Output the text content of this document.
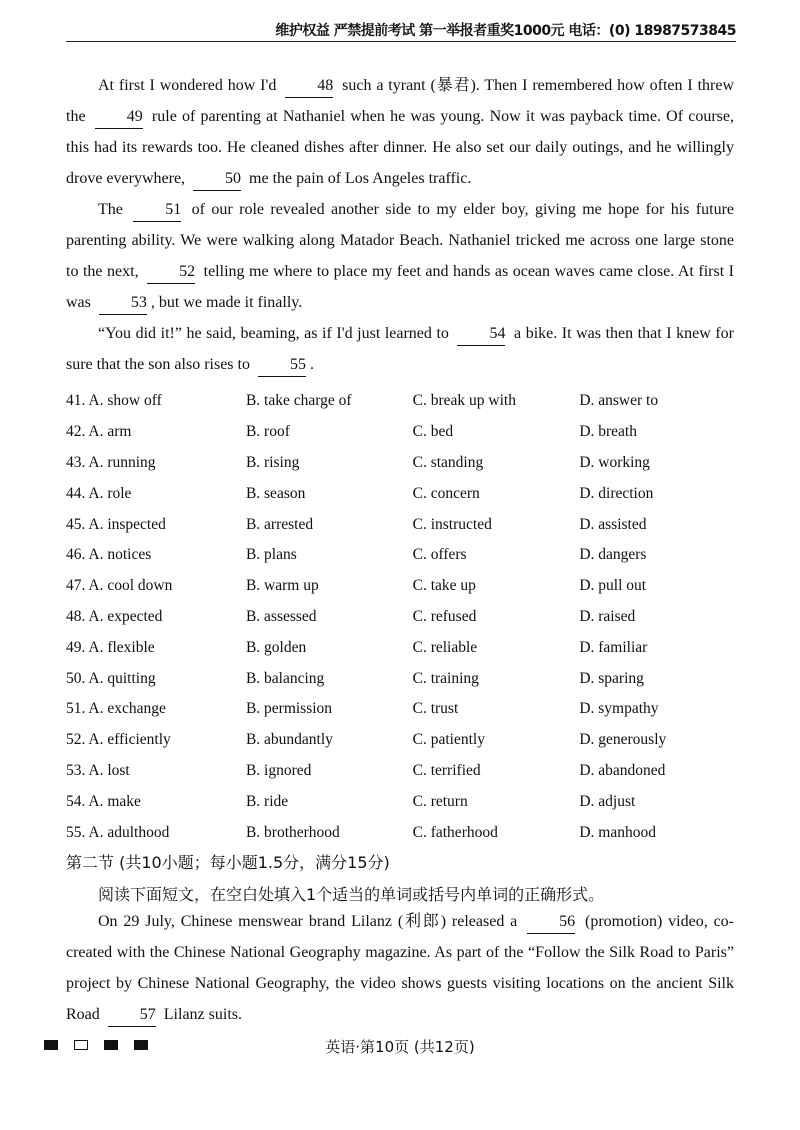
维护权益 严禁提前考试 第一举报者重奖1000元 电话：(0) 18987573845

At first I wondered how I'd 48 such a tyrant (暴君). Then I remembered how often I threw the 49 rule of parenting at Nathaniel when he was young. Now it was payback time. Of course, this had its rewards too. He cleaned dishes after dinner. He also set our daily outings, and he willingly drove everywhere, 50 me the pain of Los Angeles traffic.

The 51 of our role revealed another side to my elder boy, giving me hope for his future parenting ability. We were walking along Matador Beach. Nathaniel tricked me across one large stone to the next, 52 telling me where to place my feet and hands as ocean waves came close. At first I was 53 , but we made it finally.

“You did it!” he said, beaming, as if I'd just learned to 54 a bike. It was then that I knew for sure that the son also rises to 55 .

41. A. show off	B. take charge of	C. break up with	D. answer to
42. A. arm	B. roof	C. bed	D. breath
43. A. running	B. rising	C. standing	D. working
44. A. role	B. season	C. concern	D. direction
45. A. inspected	B. arrested	C. instructed	D. assisted
46. A. notices	B. plans	C. offers	D. dangers
47. A. cool down	B. warm up	C. take up	D. pull out
48. A. expected	B. assessed	C. refused	D. raised
49. A. flexible	B. golden	C. reliable	D. familiar
50. A. quitting	B. balancing	C. training	D. sparing
51. A. exchange	B. permission	C. trust	D. sympathy
52. A. efficiently	B. abundantly	C. patiently	D. generously
53. A. lost	B. ignored	C. terrified	D. abandoned
54. A. make	B. ride	C. return	D. adjust
55. A. adulthood	B. brotherhood	C. fatherhood	D. manhood
第二节 (共10小题；每小题1.5分，满分15分)
阅读下面短文，在空白处填入1个适当的单词或括号内单词的正确形式。

On 29 July, Chinese menswear brand Lilanz (利郎) released a 56 (promotion) video, co-created with the Chinese National Geography magazine. As part of the “Follow the Silk Road to Paris” project by Chinese National Geography, the video shows guests visiting locations on the ancient Silk Road 57 Lilanz suits.

英语·第10页 (共12页)
